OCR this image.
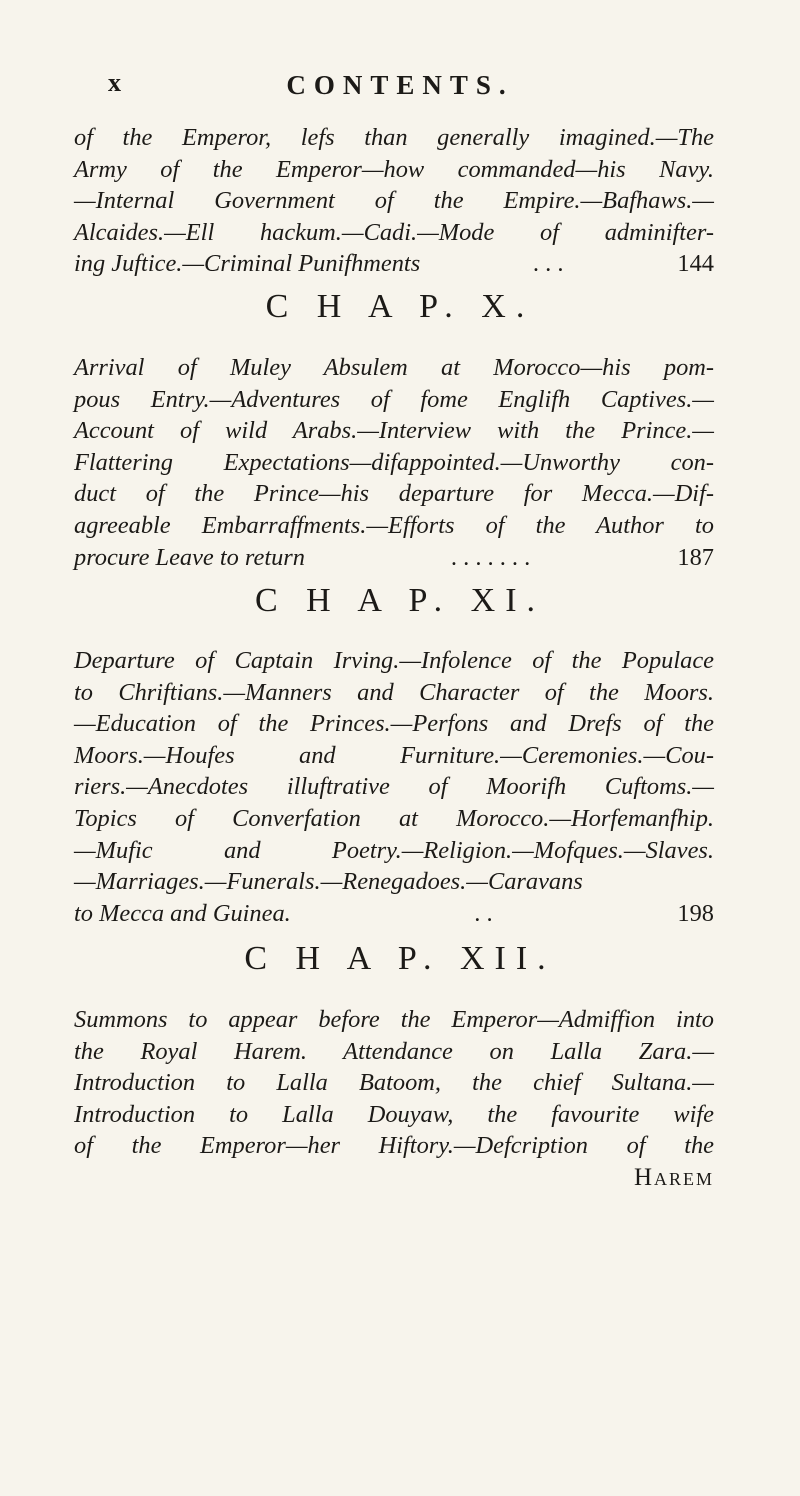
x	CONTENTS.
of the Emperor, lefs than generally imagined.—The
Army of the Emperor—how commanded—his Navy.
—Internal Government of the Empire.—Bafhaws.—
Alcaides.—Ell hackum.—Cadi.—Mode of adminifter-
ing Juftice.—Criminal Punifhments	. . .	144
C H A P. X.
Arrival of Muley Absulem at Morocco—his pom-
pous Entry.—Adventures of fome Englifh Captives.—
Account of wild Arabs.—Interview with the Prince.—
Flattering Expectations—difappointed.—Unworthy con-
duct of the Prince—his departure for Mecca.—Dif-
agreeable Embarraffments.—Efforts of the Author to
procure Leave to return	. . . . . . .	187
C H A P. XI.
Departure of Captain Irving.—Infolence of the Populace
to Chriftians.—Manners and Character of the Moors.
—Education of the Princes.—Perfons and Drefs of the
Moors.—Houfes and Furniture.—Ceremonies.—Cou-
riers.—Anecdotes illuftrative of Moorifh Cuftoms.—
Topics of Converfation at Morocco.—Horfemanfhip.
—Mufic and Poetry.—Religion.—Mofques.—Slaves.
—Marriages.—Funerals.—Renegadoes.—Caravans
to Mecca and Guinea.	. .	198
C H A P. XII.
Summons to appear before the Emperor—Admiffion into
the Royal Harem. Attendance on Lalla Zara.—
Introduction to Lalla Batoom, the chief Sultana.—
Introduction to Lalla Douyaw, the favourite wife
of the Emperor—her Hiftory.—Defcription of the
Harem
